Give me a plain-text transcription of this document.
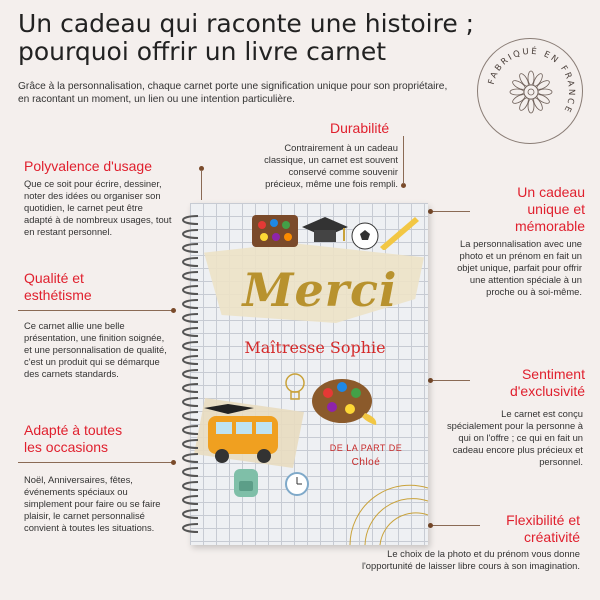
Un cadeau qui raconte une histoire ;
pourquoi offrir un livre carnet
Grâce à la personnalisation, chaque carnet porte une signification unique pour son propriétaire, en racontant un moment, un lien ou une intention particulière.
FABRIQUÉ EN FRANCE
Durabilité
Contrairement à un cadeau classique, un carnet est souvent conservé comme souvenir précieux, même une fois rempli.
Polyvalence d'usage
Que ce soit pour écrire, dessiner, noter des idées ou organiser son quotidien, le carnet peut être adapté à de nombreux usages, tout en restant personnel.
Un cadeau
unique et
mémorable
La personnalisation avec une photo et un prénom en fait un objet unique, parfait pour offrir une attention spéciale à un proche ou à soi-même.
Qualité et
esthétisme
Ce carnet allie une belle présentation, une finition soignée, et une personnalisation de qualité, c'est un produit qui se démarque des carnets standards.	Sentiment
d'exclusivité
Le carnet est conçu spécialement pour la personne à qui on l'offre ; ce qui en fait un cadeau encore plus précieux et personnel.
Adapté à toutes
les occasions
Noël, Anniversaires, fêtes, événements spéciaux ou simplement pour faire ou se faire plaisir, le carnet personnalisé convient à toutes les situations.	Flexibilité et
créativité
Le choix de la photo et du prénom vous donne
l'opportunité de laisser libre cours à son imagination.
Merci
Maîtresse Sophie
DE LA PART DE
Chloé
